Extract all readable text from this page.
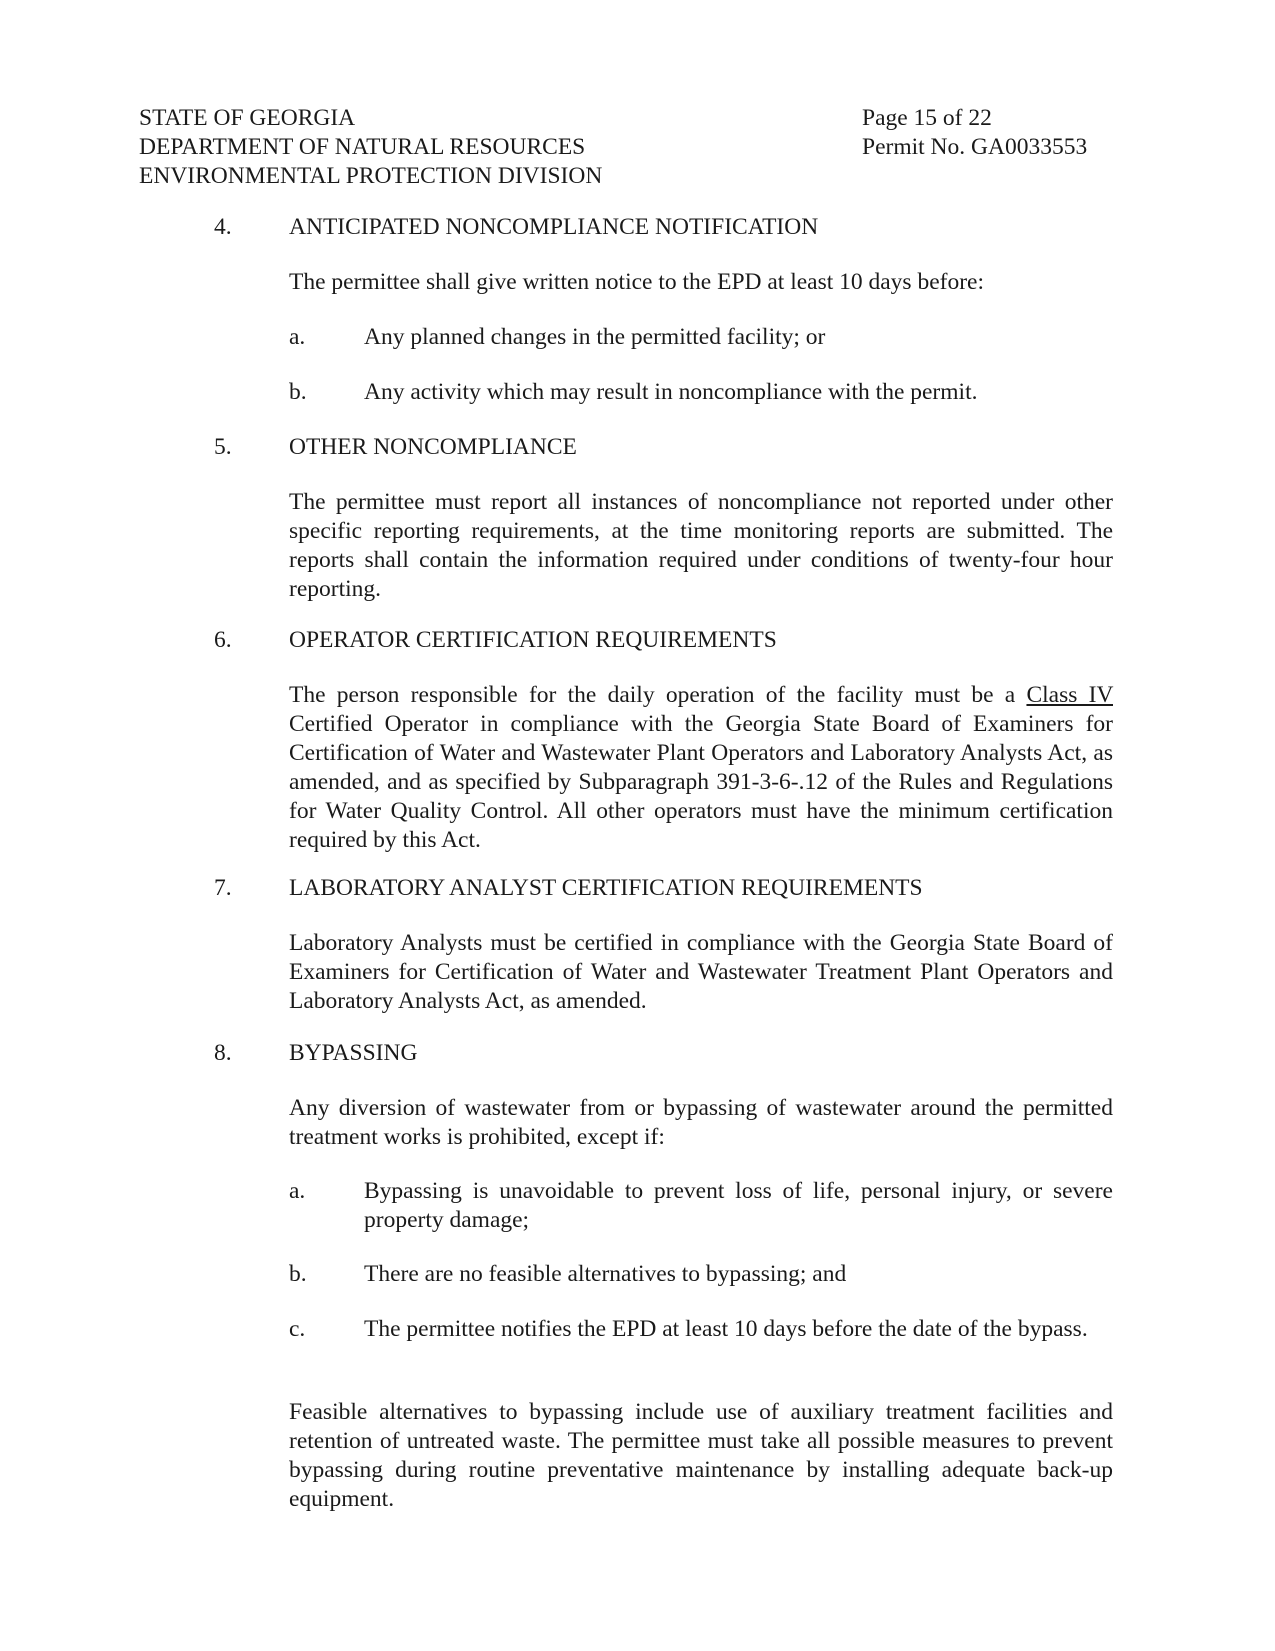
STATE OF GEORGIA
DEPARTMENT OF NATURAL RESOURCES
ENVIRONMENTAL PROTECTION DIVISION
Page 15 of 22
Permit No. GA0033553
4. ANTICIPATED NONCOMPLIANCE NOTIFICATION
The permittee shall give written notice to the EPD at least 10 days before:
a. Any planned changes in the permitted facility; or
b. Any activity which may result in noncompliance with the permit.
5. OTHER NONCOMPLIANCE
The permittee must report all instances of noncompliance not reported under other specific reporting requirements, at the time monitoring reports are submitted. The reports shall contain the information required under conditions of twenty-four hour reporting.
6. OPERATOR CERTIFICATION REQUIREMENTS
The person responsible for the daily operation of the facility must be a Class IV Certified Operator in compliance with the Georgia State Board of Examiners for Certification of Water and Wastewater Plant Operators and Laboratory Analysts Act, as amended, and as specified by Subparagraph 391-3-6-.12 of the Rules and Regulations for Water Quality Control. All other operators must have the minimum certification required by this Act.
7. LABORATORY ANALYST CERTIFICATION REQUIREMENTS
Laboratory Analysts must be certified in compliance with the Georgia State Board of Examiners for Certification of Water and Wastewater Treatment Plant Operators and Laboratory Analysts Act, as amended.
8. BYPASSING
Any diversion of wastewater from or bypassing of wastewater around the permitted treatment works is prohibited, except if:
a. Bypassing is unavoidable to prevent loss of life, personal injury, or severe property damage;
b. There are no feasible alternatives to bypassing; and
c. The permittee notifies the EPD at least 10 days before the date of the bypass.
Feasible alternatives to bypassing include use of auxiliary treatment facilities and retention of untreated waste. The permittee must take all possible measures to prevent bypassing during routine preventative maintenance by installing adequate back-up equipment.
